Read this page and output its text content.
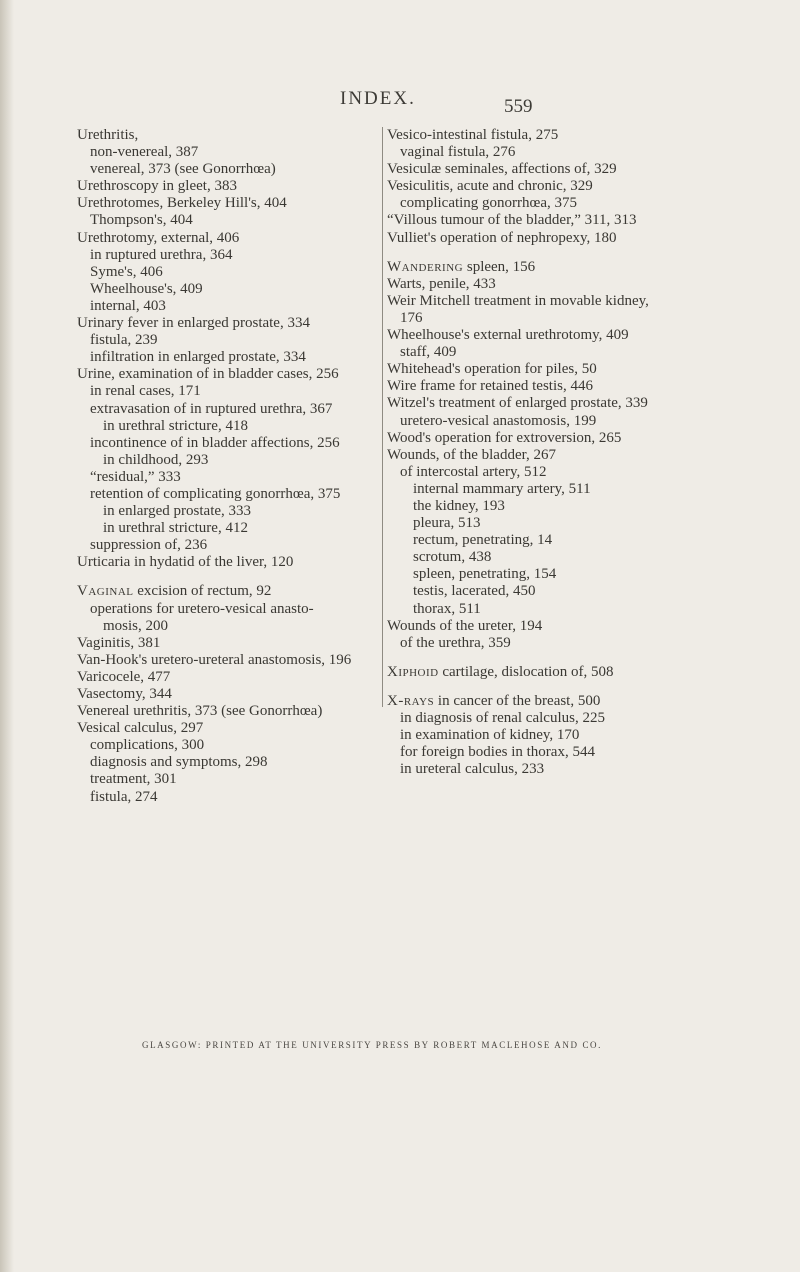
INDEX.	559
Urethritis,
non-venereal, 387
venereal, 373 (see Gonorrhœa)
Urethroscopy in gleet, 383
Urethrotomes, Berkeley Hill's, 404
Thompson's, 404
Urethrotomy, external, 406
in ruptured urethra, 364
Syme's, 406
Wheelhouse's, 409
internal, 403
Urinary fever in enlarged prostate, 334
fistula, 239
infiltration in enlarged prostate, 334
Urine, examination of in bladder cases, 256
in renal cases, 171
extravasation of in ruptured urethra, 367
in urethral stricture, 418
incontinence of in bladder affections, 256
in childhood, 293
“residual,” 333
retention of complicating gonorrhœa, 375
in enlarged prostate, 333
in urethral stricture, 412
suppression of, 236
Urticaria in hydatid of the liver, 120
Vaginal excision of rectum, 92
operations for uretero-vesical anasto-
mosis, 200
Vaginitis, 381
Van-Hook's uretero-ureteral anastomosis, 196
Varicocele, 477
Vasectomy, 344
Venereal urethritis, 373 (see Gonorrhœa)
Vesical calculus, 297
complications, 300
diagnosis and symptoms, 298
treatment, 301
fistula, 274
Vesico-intestinal fistula, 275
vaginal fistula, 276
Vesiculæ seminales, affections of, 329
Vesiculitis, acute and chronic, 329
complicating gonorrhœa, 375
“Villous tumour of the bladder,” 311, 313
Vulliet's operation of nephropexy, 180
Wandering spleen, 156
Warts, penile, 433
Weir Mitchell treatment in movable kidney,
176
Wheelhouse's external urethrotomy, 409
staff, 409
Whitehead's operation for piles, 50
Wire frame for retained testis, 446
Witzel's treatment of enlarged prostate, 339
uretero-vesical anastomosis, 199
Wood's operation for extroversion, 265
Wounds, of the bladder, 267
of intercostal artery, 512
internal mammary artery, 511
the kidney, 193
pleura, 513
rectum, penetrating, 14
scrotum, 438
spleen, penetrating, 154
testis, lacerated, 450
thorax, 511
Wounds of the ureter, 194
of the urethra, 359
Xiphoid cartilage, dislocation of, 508
X-rays in cancer of the breast, 500
in diagnosis of renal calculus, 225
in examination of kidney, 170
for foreign bodies in thorax, 544
in ureteral calculus, 233
GLASGOW: PRINTED AT THE UNIVERSITY PRESS BY ROBERT MACLEHOSE AND CO.
